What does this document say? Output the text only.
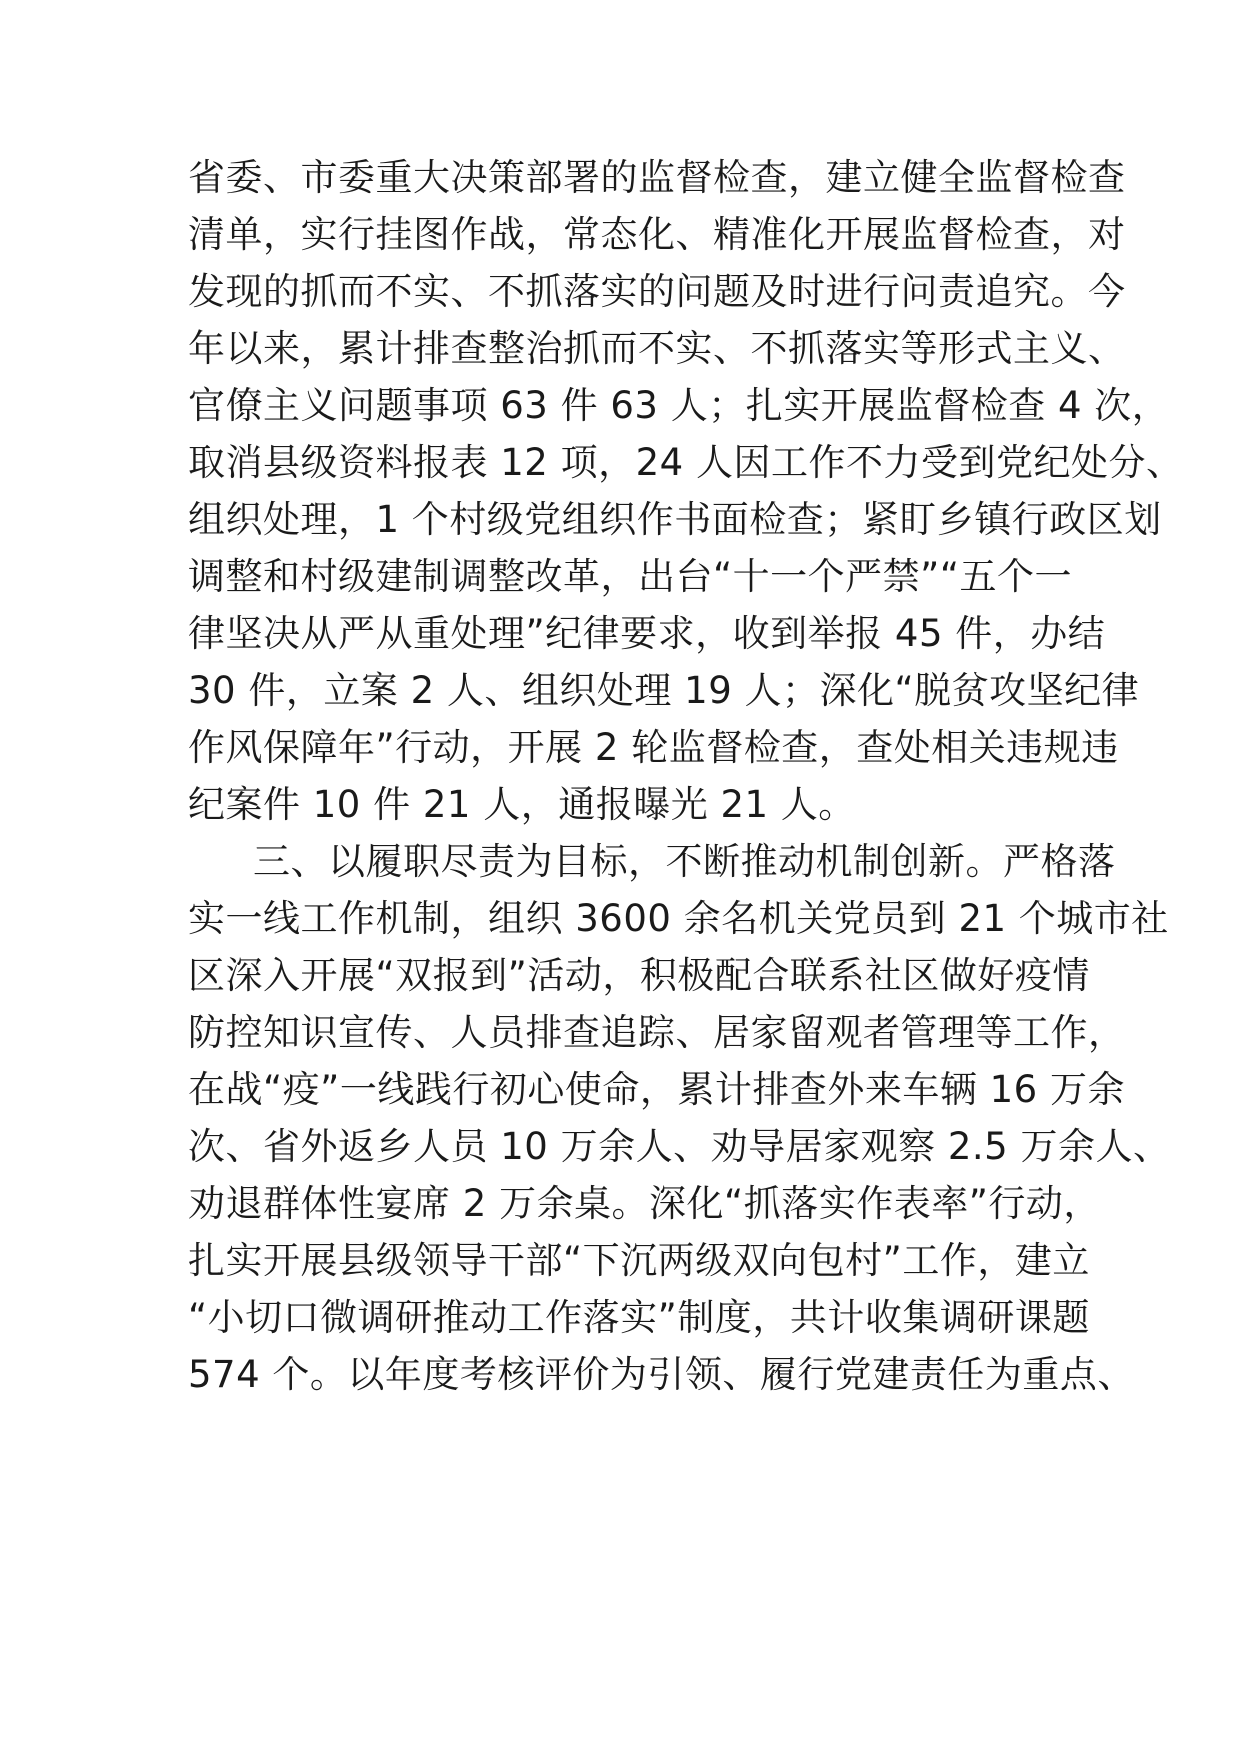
省委、市委重大决策部署的监督检查，建立健全监督检查
清单，实行挂图作战，常态化、精准化开展监督检查，对
发现的抓而不实、不抓落实的问题及时进行问责追究。今
年以来，累计排查整治抓而不实、不抓落实等形式主义、
官僚主义问题事项 63 件 63 人；扎实开展监督检查 4 次，
取消县级资料报表 12 项，24 人因工作不力受到党纪处分、
组织处理，1 个村级党组织作书面检查；紧盯乡镇行政区划
调整和村级建制调整改革，出台“十一个严禁”“五个一
律坚决从严从重处理”纪律要求，收到举报 45 件，办结
30 件，立案 2 人、组织处理 19 人；深化“脱贫攻坚纪律
作风保障年”行动，开展 2 轮监督检查，查处相关违规违
纪案件 10 件 21 人，通报曝光 21 人。
三、以履职尽责为目标，不断推动机制创新。严格落
实一线工作机制，组织 3600 余名机关党员到 21 个城市社
区深入开展“双报到”活动，积极配合联系社区做好疫情
防控知识宣传、人员排查追踪、居家留观者管理等工作，
在战“疫”一线践行初心使命，累计排查外来车辆 16 万余
次、省外返乡人员 10 万余人、劝导居家观察 2.5 万余人、
劝退群体性宴席 2 万余桌。深化“抓落实作表率”行动，
扎实开展县级领导干部“下沉两级双向包村”工作，建立
“小切口微调研推动工作落实”制度，共计收集调研课题
574 个。以年度考核评价为引领、履行党建责任为重点、
